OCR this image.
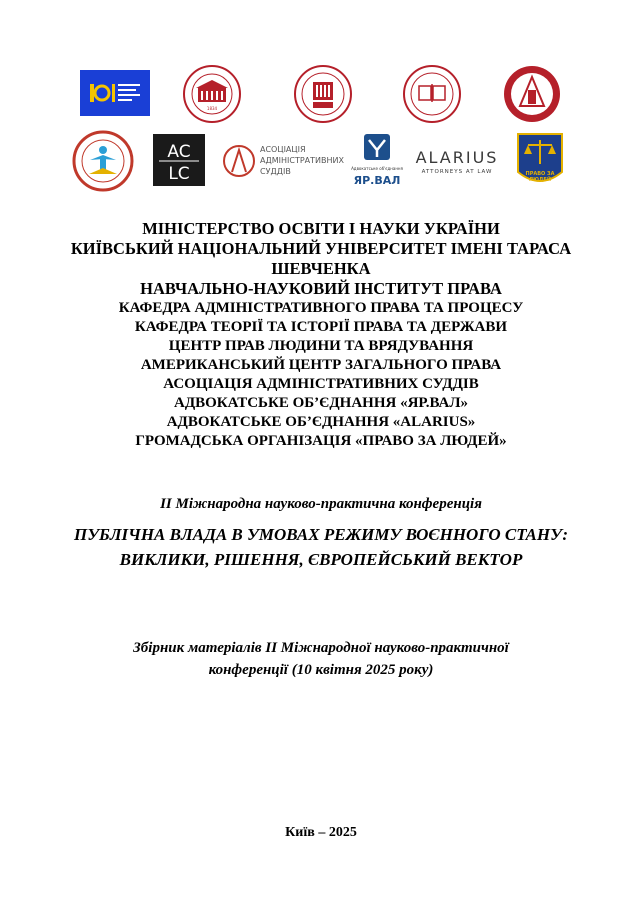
1834
AC
LC
АСОЦІАЦІЯ
АДМІНІСТРАТИВНИХ
СУДДІВ	Адвокатське об'єднання
ЯР.ВАЛ
ALARIUS
ATTORNEYS AT LAW	ПРАВО ЗА
ЛЮДЕЙ
МІНІСТЕРСТВО ОСВІТИ І НАУКИ УКРАЇНИ
КИЇВСЬКИЙ НАЦІОНАЛЬНИЙ УНІВЕРСИТЕТ ІМЕНІ ТАРАСА
ШЕВЧЕНКА
НАВЧАЛЬНО-НАУКОВИЙ ІНСТИТУТ ПРАВА
КАФЕДРА АДМІНІСТРАТИВНОГО ПРАВА ТА ПРОЦЕСУ
КАФЕДРА ТЕОРІЇ ТА ІСТОРІЇ ПРАВА ТА ДЕРЖАВИ
ЦЕНТР ПРАВ ЛЮДИНИ ТА ВРЯДУВАННЯ
АМЕРИКАНСЬКИЙ ЦЕНТР ЗАГАЛЬНОГО ПРАВА
АСОЦІАЦІЯ АДМІНІСТРАТИВНИХ СУДДІВ
АДВОКАТСЬКЕ ОБ’ЄДНАННЯ «ЯР.ВАЛ»
АДВОКАТСЬКЕ ОБ’ЄДНАННЯ «ALARIUS»
ГРОМАДСЬКА ОРГАНІЗАЦІЯ «ПРАВО ЗА ЛЮДЕЙ»
II Міжнародна науково-практична конференція
ПУБЛІЧНА ВЛАДА В УМОВАХ РЕЖИМУ ВОЄННОГО СТАНУ:
ВИКЛИКИ, РІШЕННЯ, ЄВРОПЕЙСЬКИЙ ВЕКТОР
Збірник матеріалів II Міжнародної науково-практичної
конференції (10 квітня 2025 року)
Київ – 2025
